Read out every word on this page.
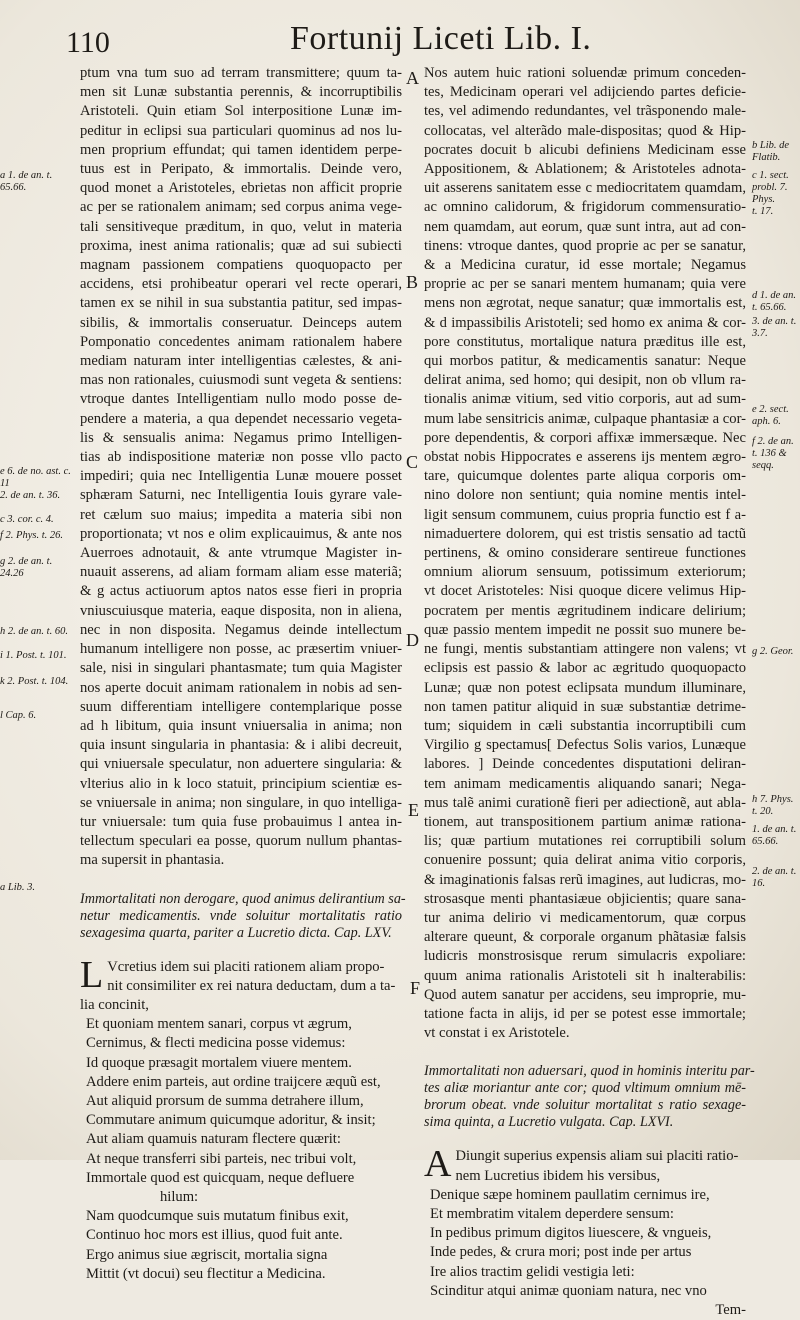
110	Fortunij Liceti Lib. I.
ptum vna tum suo ad terram transmittere; quum ta-
men sit Lunæ substantia perennis, & incorruptibilis
Aristoteli. Quin etiam Sol interpositione Lunæ im-
peditur in eclipsi sua particulari quominus ad nos lu-
men proprium effundat; qui tamen identidem perpe-
tuus est in Peripato, & immortalis. Deinde vero,
quod monet a Aristoteles, ebrietas non afficit proprie
ac per se rationalem animam; sed corpus anima vege-
tali sensitiveque præditum, in quo, velut in materia
proxima, inest anima rationalis; quæ ad sui subiecti
magnam passionem compatiens quoquopacto per
accidens, etsi prohibeatur operari vel recte operari,
tamen ex se nihil in sua substantia patitur, sed impas-
sibilis, & immortalis conseruatur. Deinceps autem
Pomponatio concedentes animam rationalem habere
mediam naturam inter intelligentias cælestes, & ani-
mas non rationales, cuiusmodi sunt vegeta & sentiens:
vtroque dantes Intelligentiam nullo modo posse de-
pendere a materia, a qua dependet necessario vegeta-
lis & sensualis anima: Negamus primo Intelligen-
tias ab indispositione materiæ non posse vllo pacto
impediri; quia nec Intelligentia Lunæ mouere posset
sphæram Saturni, nec Intelligentia Iouis gyrare vale-
ret cælum suo maius; impedita a materia sibi non
proportionata; vt nos e olim explicauimus, & ante nos
Auerroes adnotauit, & ante vtrumque Magister in-
nuauit asserens, ad aliam formam aliam esse materiã;
& g actus actiuorum aptos natos esse fieri in propria
vniuscuiusque materia, eaque disposita, non in aliena,
nec in non disposita. Negamus deinde intellectum
humanum intelligere non posse, ac præsertim vniuer-
sale, nisi in singulari phantasmate; tum quia Magister
nos aperte docuit animam rationalem in nobis ad sen-
suum differentiam intelligere contemplarique posse
ad h libitum, quia insunt vniuersalia in anima; non
quia insunt singularia in phantasia: & i alibi decreuit,
qui vniuersale speculatur, non aduertere singularia: &
vlterius alio in k loco statuit, principium scientiæ es-
se vniuersale in anima; non singulare, in quo intelliga-
tur vniuersale: tum quia fuse probauimus l antea in-
tellectum speculari ea posse, quorum nullum phantas-
ma supersit in phantasia.
Immortalitati non derogare, quod animus delirantium sa-
netur medicamentis. vnde soluitur mortalitatis ratio
sexagesima quarta, pariter a Lucretio dicta. Cap. LXV.
L Vcretius idem sui placiti rationem aliam propo-
nit consimiliter ex rei natura deductam, dum a ta-
lia concinit,
Et quoniam mentem sanari, corpus vt ægrum,
Cernimus, & flecti medicina posse videmus:
Id quoque præsagit mortalem viuere mentem.
Addere enim parteis, aut ordine traijcere æquũ est,
Aut aliquid prorsum de summa detrahere illum,
Commutare animum quicumque adoritur, & insit;
Aut aliam quamuis naturam flectere quærit:
At neque transferri sibi parteis, nec tribui volt,
Immortale quod est quicquam, neque defluere
hilum:
Nam quodcumque suis mutatum finibus exit,
Continuo hoc mors est illius, quod fuit ante.
Ergo animus siue ægriscit, mortalia signa
Mittit (vt docui) seu flectitur a Medicina.
Nos autem huic rationi soluendæ primum conceden-
tes, Medicinam operari vel adijciendo partes deficie-
tes, vel adimendo redundantes, vel trãsponendo male-
collocatas, vel alterãdo male-dispositas; quod & Hip-
pocrates docuit b alicubi definiens Medicinam esse
Appositionem, & Ablationem; & Aristoteles adnota-
uit asserens sanitatem esse c mediocritatem quamdam,
ac omnino calidorum, & frigidorum commensuratio-
nem quamdam, aut eorum, quæ sunt intra, aut ad con-
tinens: vtroque dantes, quod proprie ac per se sanatur,
& a Medicina curatur, id esse mortale; Negamus
proprie ac per se sanari mentem humanam; quia vere
mens non ægrotat, neque sanatur; quæ immortalis est,
& d impassibilis Aristoteli; sed homo ex anima & cor-
pore constitutus, mortalique natura præditus ille est,
qui morbos patitur, & medicamentis sanatur: Neque
delirat anima, sed homo; qui desipit, non ob vllum ra-
tionalis animæ vitium, sed vitio corporis, aut ad sum-
mum labe sensitricis animæ, culpaque phantasiæ a cor-
pore dependentis, & corpori affixæ immersæque. Nec
obstat nobis Hippocrates e asserens ijs mentem ægro-
tare, quicumque dolentes parte aliqua corporis om-
nino dolore non sentiunt; quia nomine mentis intel-
ligit sensum communem, cuius propria functio est f a-
nimaduertere dolorem, qui est tristis sensatio ad tactũ
pertinens, & omino considerare sentireue functiones
omnium aliorum sensuum, potissimum exteriorum;
vt docet Aristoteles: Nisi quoque dicere velimus Hip-
pocratem per mentis ægritudinem indicare delirium;
quæ passio mentem impedit ne possit suo munere be-
ne fungi, mentis substantiam attingere non valens; vt
eclipsis est passio & labor ac ægritudo quoquopacto
Lunæ; quæ non potest eclipsata mundum illuminare,
non tamen patitur aliquid in suæ substantiæ detrime-
tum; siquidem in cæli substantia incorruptibili cum
Virgilio g spectamus[ Defectus Solis varios, Lunæque
labores. ] Deinde concedentes disputationi deliran-
tem animam medicamentis aliquando sanari; Nega-
mus talẽ animi curationẽ fieri per adiectionẽ, aut abla-
tionem, aut transpositionem partium animæ rationa-
lis; quæ partium mutationes rei corruptibili solum
conuenire possunt; quia delirat anima vitio corporis,
& imaginationis falsas rerũ imagines, aut ludicras, mo-
strosasque menti phantasiæue objicientis; quare sana-
tur anima delirio vi medicamentorum, quæ corpus
alterare queunt, & corporale organum phãtasiæ falsis
ludicris monstrosisque rerum simulacris expoliare:
quum anima rationalis Aristoteli sit h inalterabilis:
Quod autem sanatur per accidens, seu improprie, mu-
tatione facta in alijs, id per se potest esse immortale;
vt constat i ex Aristotele.
Immortalitati non aduersari, quod in hominis interitu par-
tes aliæ moriantur ante cor; quod vltimum omnium mē-
brorum obeat. vnde soluitur mortalitat s ratio sexage-
sima quinta, a Lucretio vulgata. Cap. LXVI.
A Diungit superius expensis aliam sui placiti ratio-
nem Lucretius ibidem his versibus,
Denique sæpe hominem paullatim cernimus ire,
Et membratim vitalem deperdere sensum:
In pedibus primum digitos liuescere, & vngueis,
Inde pedes, & crura mori; post inde per artus
Ire alios tractim gelidi vestigia leti:
Scinditur atqui animæ quoniam natura, nec vno
Tem-
A
B
C
D
E
F
a 1. de an. t. 65.66.
e 6. de no. ast. c. 11
2. de an. t. 36.
c 3. cor. c. 4.
f 2. Phys. t. 26.
g 2. de an. t. 24.26
h 2. de an. t. 60.
i 1. Post. t. 101.
k 2. Post. t. 104.
l Cap. 6.
a Lib. 3.
b Lib. de Flatib.
c 1. sect. probl. 7. Phys.
t. 17.
d 1. de an. t. 65.66.
3. de an. t. 3.7.
e 2. sect. aph. 6.
f 2. de an. t. 136 & seqq.
g 2. Geor.
h 7. Phys. t. 20.
1. de an. t. 65.66.
2. de an. t. 16.
